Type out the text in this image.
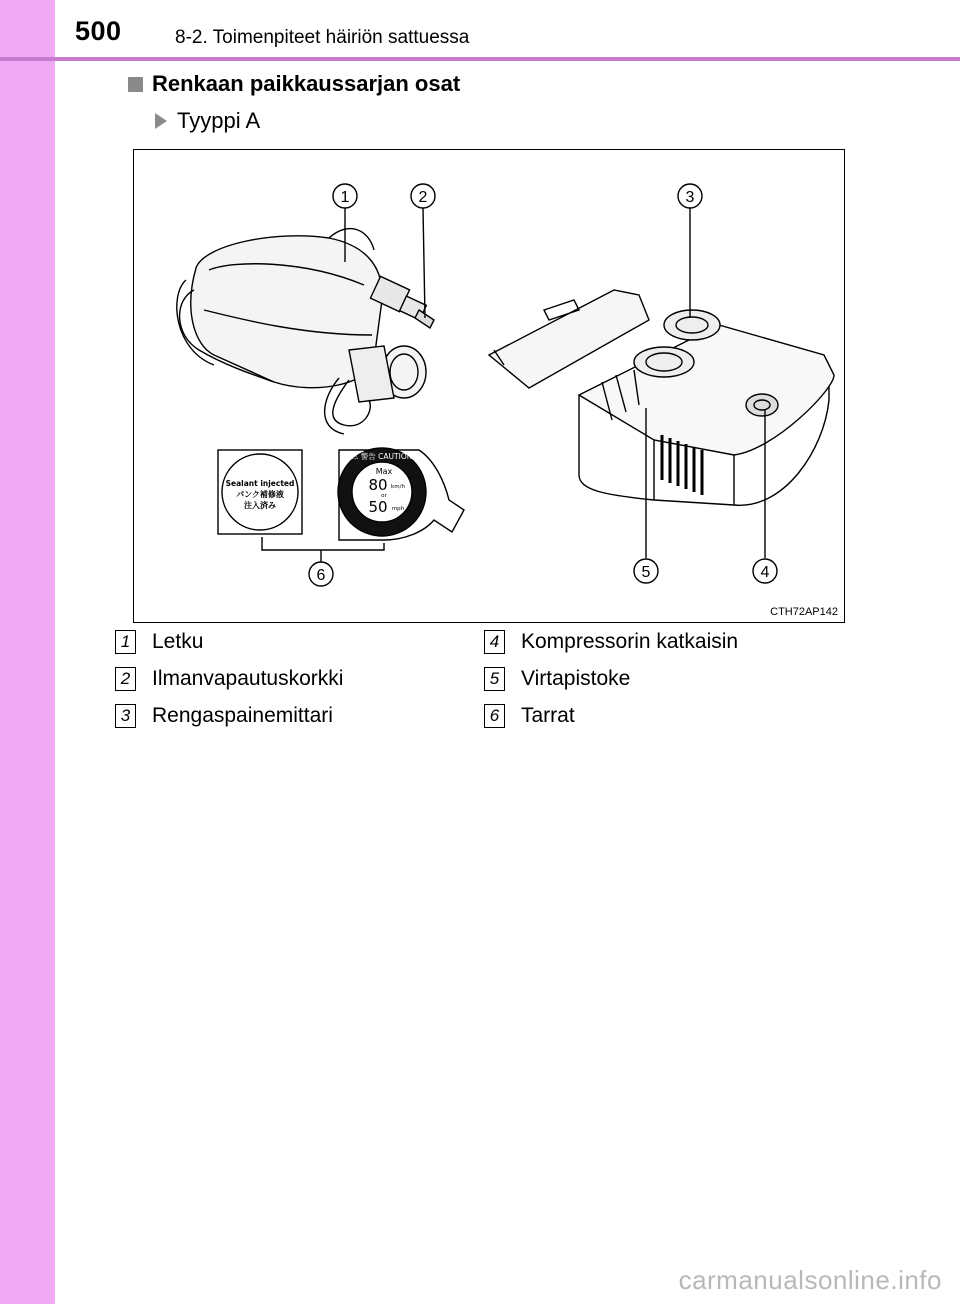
500	8-2. Toimenpiteet häiriön sattuessa
Renkaan paikkaussarjan osat
Tyyppi A
1	2	3
4
5
6
Sealant injected
パンク補修液
注入済み
⚠ 警告 CAUTION
Max
80 km/h
or
50 mph
CTH72AP142
1 Letku
2 Ilmanvapautuskorkki
3 Rengaspainemittari
4 Kompressorin katkaisin
5 Virtapistoke
6 Tarrat
carmanualsonline.info
